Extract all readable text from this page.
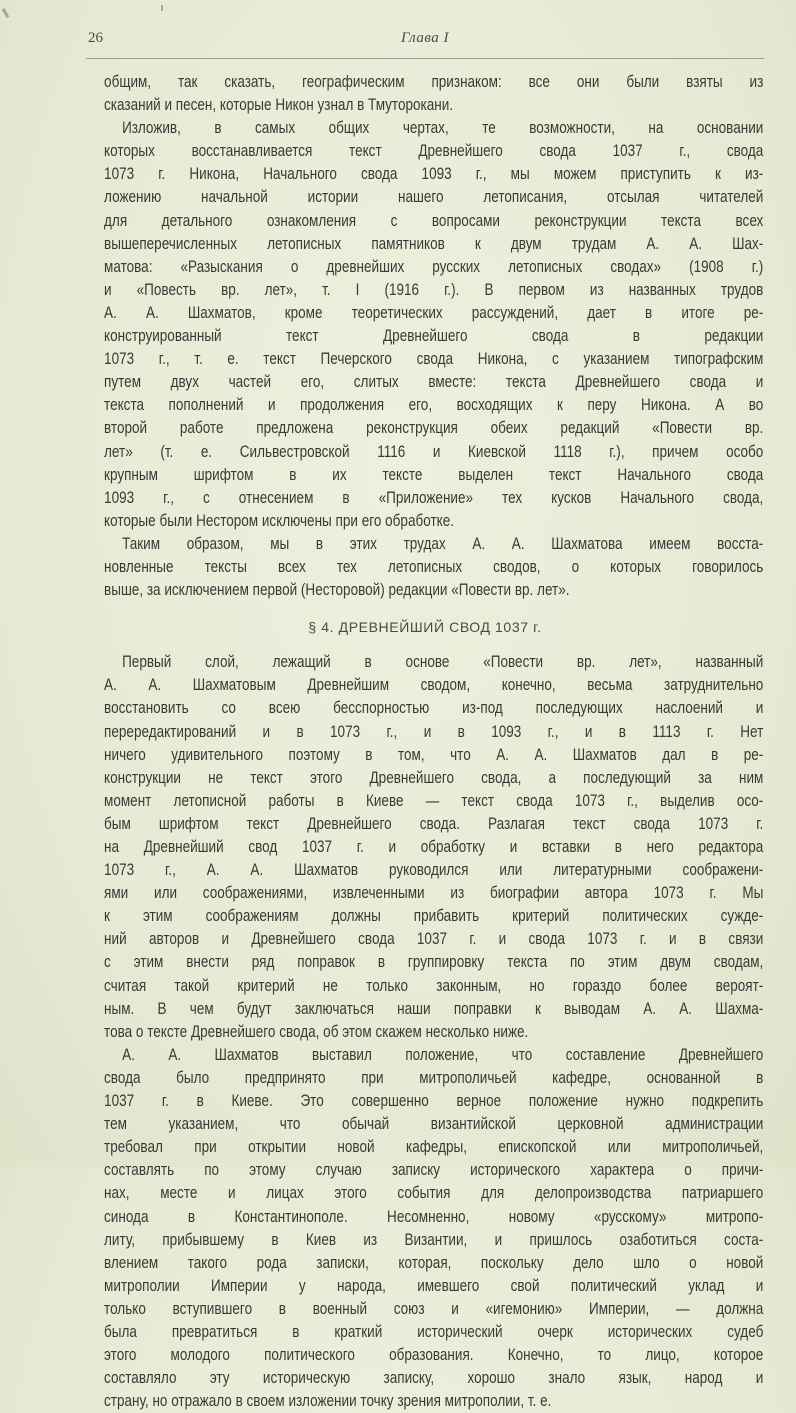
26	Глава I
общим, так сказать, географическим признаком: все они были взяты из
сказаний и песен, которые Никон узнал в Тмуторокани.
Изложив, в самых общих чертах, те возможности, на основании
которых восстанавливается текст Древнейшего свода 1037 г., свода
1073 г. Никона, Начального свода 1093 г., мы можем приступить к из-
ложению начальной истории нашего летописания, отсылая читателей
для детального ознакомления с вопросами реконструкции текста всех
вышеперечисленных летописных памятников к двум трудам А. А. Шах-
матова: «Разыскания о древнейших русских летописных сводах» (1908 г.)
и «Повесть вр. лет», т. I (1916 г.). В первом из названных трудов
А. А. Шахматов, кроме теоретических рассуждений, дает в итоге ре-
конструированный текст Древнейшего свода в редакции
1073 г., т. е. текст Печерского свода Никона, с указанием типографским
путем двух частей его, слитых вместе: текста Древнейшего свода и
текста пополнений и продолжения его, восходящих к перу Никона. А во
второй работе предложена реконструкция обеих редакций «Повести вр.
лет» (т. е. Сильвестровской 1116 и Киевской 1118 г.), причем особо
крупным шрифтом в их тексте выделен текст Начального свода
1093 г., с отнесением в «Приложение» тех кусков Начального свода,
которые были Нестором исключены при его обработке.
Таким образом, мы в этих трудах А. А. Шахматова имеем восста-
новленные тексты всех тех летописных сводов, о которых говорилось
выше, за исключением первой (Несторовой) редакции «Повести вр. лет».
§ 4. ДРЕВНЕЙШИЙ СВОД 1037 г.
Первый слой, лежащий в основе «Повести вр. лет», названный
А. А. Шахматовым Древнейшим сводом, конечно, весьма затруднительно
восстановить со всею бесспорностью из-под последующих наслоений и
перередактирований и в 1073 г., и в 1093 г., и в 1113 г. Нет
ничего удивительного поэтому в том, что А. А. Шахматов дал в ре-
конструкции не текст этого Древнейшего свода, а последующий за ним
момент летописной работы в Киеве — текст свода 1073 г., выделив осо-
бым шрифтом текст Древнейшего свода. Разлагая текст свода 1073 г.
на Древнейший свод 1037 г. и обработку и вставки в него редактора
1073 г., А. А. Шахматов руководился или литературными соображени-
ями или соображениями, извлеченными из биографии автора 1073 г. Мы
к этим соображениям должны прибавить критерий политических сужде-
ний авторов и Древнейшего свода 1037 г. и свода 1073 г. и в связи
с этим внести ряд поправок в группировку текста по этим двум сводам,
считая такой критерий не только законным, но гораздо более вероят-
ным. В чем будут заключаться наши поправки к выводам А. А. Шахма-
това о тексте Древнейшего свода, об этом скажем несколько ниже.
А. А. Шахматов выставил положение, что составление Древнейшего
свода было предпринято при митрополичьей кафедре, основанной в
1037 г. в Киеве. Это совершенно верное положение нужно подкрепить
тем указанием, что обычай византийской церковной администрации
требовал при открытии новой кафедры, епископской или митрополичьей,
составлять по этому случаю записку исторического характера о причи-
нах, месте и лицах этого события для делопроизводства патриаршего
синода в Константинополе. Несомненно, новому «русскому» митропо-
литу, прибывшему в Киев из Византии, и пришлось озаботиться соста-
влением такого рода записки, которая, поскольку дело шло о новой
митрополии Империи у народа, имевшего свой политический уклад и
только вступившего в военный союз и «игемонию» Империи, — должна
была превратиться в краткий исторический очерк исторических судеб
этого молодого политического образования. Конечно, то лицо, которое
составляло эту историческую записку, хорошо знало язык, народ и
страну, но отражало в своем изложении точку зрения митрополии, т. е.
